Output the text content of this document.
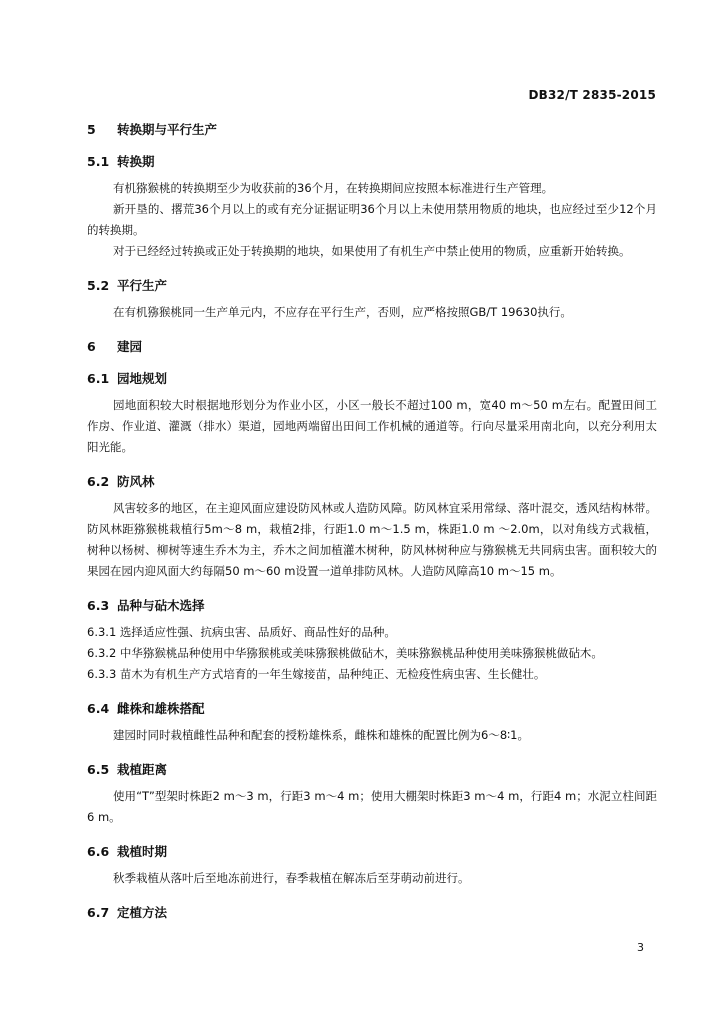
DB32/T 2835-2015
5 转换期与平行生产
5.1 转换期

有机猕猴桃的转换期至少为收获前的36个月，在转换期间应按照本标准进行生产管理。

新开垦的、撂荒36个月以上的或有充分证据证明36个月以上未使用禁用物质的地块，也应经过至少12个月的转换期。

对于已经经过转换或正处于转换期的地块，如果使用了有机生产中禁止使用的物质，应重新开始转换。

5.2 平行生产

在有机猕猴桃同一生产单元内，不应存在平行生产，否则，应严格按照GB/T 19630执行。

6 建园
6.1 园地规划

园地面积较大时根据地形划分为作业小区，小区一般长不超过100 m，宽40 m～50 m左右。配置田间工作房、作业道、灌溉（排水）渠道，园地两端留出田间工作机械的通道等。行向尽量采用南北向，以充分利用太阳光能。

6.2 防风林

风害较多的地区，在主迎风面应建设防风林或人造防风障。防风林宜采用常绿、落叶混交，透风结构林带。防风林距猕猴桃栽植行5m～8 m，栽植2排，行距1.0 m～1.5 m，株距1.0 m ～2.0m，以对角线方式栽植，树种以杨树、柳树等速生乔木为主，乔木之间加植灌木树种，防风林树种应与猕猴桃无共同病虫害。面积较大的果园在园内迎风面大约每隔50 m～60 m设置一道单排防风林。人造防风障高10 m～15 m。

6.3 品种与砧木选择

6.3.1 选择适应性强、抗病虫害、品质好、商品性好的品种。

6.3.2 中华猕猴桃品种使用中华猕猴桃或美味猕猴桃做砧木，美味猕猴桃品种使用美味猕猴桃做砧木。

6.3.3 苗木为有机生产方式培育的一年生嫁接苗，品种纯正、无检疫性病虫害、生长健壮。

6.4 雌株和雄株搭配

建园时同时栽植雌性品种和配套的授粉雄株系，雌株和雄株的配置比例为6～8∶1。

6.5 栽植距离

使用“T”型架时株距2 m～3 m，行距3 m～4 m；使用大棚架时株距3 m～4 m，行距4 m；水泥立柱间距6 m。

6.6 栽植时期

秋季栽植从落叶后至地冻前进行，春季栽植在解冻后至芽萌动前进行。

6.7 定植方法
3
